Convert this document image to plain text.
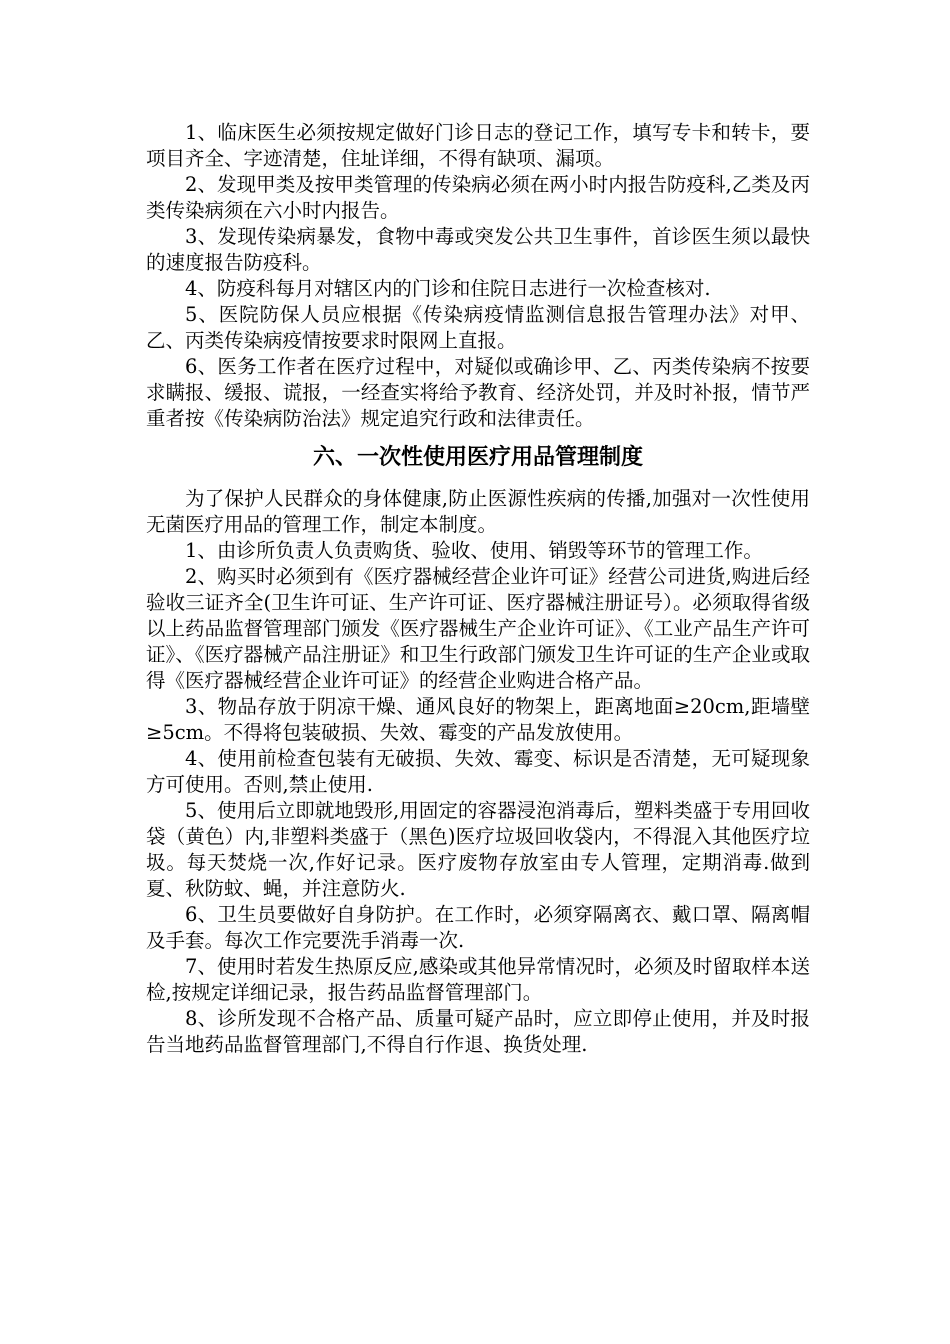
1、临床医生必须按规定做好门诊日志的登记工作，填写专卡和转卡，要项目齐全、字迹清楚，住址详细，不得有缺项、漏项。

2、发现甲类及按甲类管理的传染病必须在两小时内报告防疫科,乙类及丙类传染病须在六小时内报告。

3、发现传染病暴发，食物中毒或突发公共卫生事件，首诊医生须以最快的速度报告防疫科。

4、防疫科每月对辖区内的门诊和住院日志进行一次检查核对.

5、医院防保人员应根据《传染病疫情监测信息报告管理办法》对甲、乙、丙类传染病疫情按要求时限网上直报。

6、医务工作者在医疗过程中，对疑似或确诊甲、乙、丙类传染病不按要求瞒报、缓报、谎报，一经查实将给予教育、经济处罚，并及时补报，情节严重者按《传染病防治法》规定追究行政和法律责任。

六、一次性使用医疗用品管理制度

为了保护人民群众的身体健康,防止医源性疾病的传播,加强对一次性使用无菌医疗用品的管理工作，制定本制度。

1、由诊所负责人负责购货、验收、使用、销毁等环节的管理工作。

2、购买时必须到有《医疗器械经营企业许可证》经营公司进货,购进后经验收三证齐全(卫生许可证、生产许可证、医疗器械注册证号）。必须取得省级以上药品监督管理部门颁发《医疗器械生产企业许可证》、《工业产品生产许可证》、《医疗器械产品注册证》和卫生行政部门颁发卫生许可证的生产企业或取得《医疗器械经营企业许可证》的经营企业购进合格产品。

3、物品存放于阴凉干燥、通风良好的物架上，距离地面≥20cm,距墙壁≥5cm。不得将包装破损、失效、霉变的产品发放使用。

4、使用前检查包装有无破损、失效、霉变、标识是否清楚，无可疑现象方可使用。否则,禁止使用.

5、使用后立即就地毁形,用固定的容器浸泡消毒后，塑料类盛于专用回收袋（黄色）内,非塑料类盛于（黑色)医疗垃圾回收袋内，不得混入其他医疗垃圾。每天焚烧一次,作好记录。医疗废物存放室由专人管理，定期消毒.做到夏、秋防蚊、蝇，并注意防火.

6、卫生员要做好自身防护。在工作时，必须穿隔离衣、戴口罩、隔离帽及手套。每次工作完要洗手消毒一次.

7、使用时若发生热原反应,感染或其他异常情况时，必须及时留取样本送检,按规定详细记录，报告药品监督管理部门。

8、诊所发现不合格产品、质量可疑产品时，应立即停止使用，并及时报告当地药品监督管理部门,不得自行作退、换货处理.
